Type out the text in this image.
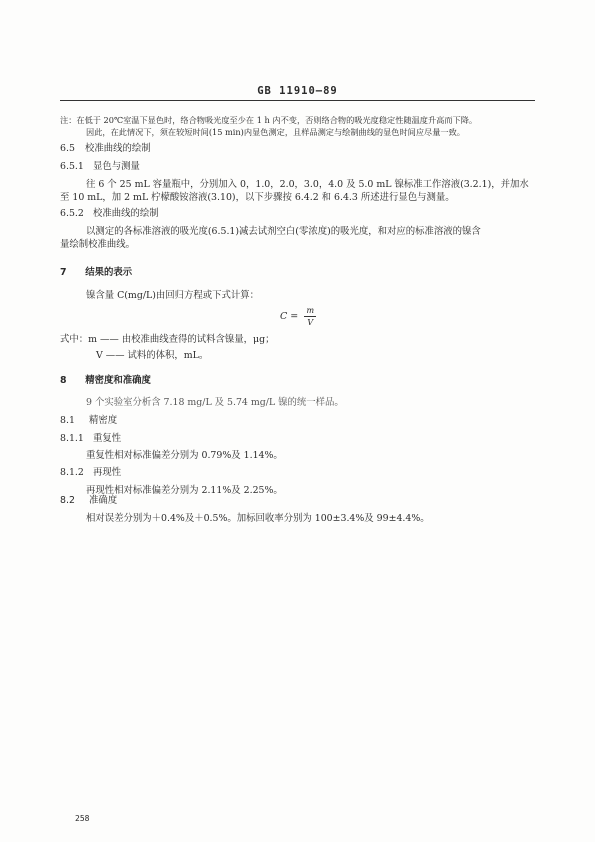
GB 11910—89
注：在低于 20℃室温下显色时，络合物吸光度至少在 1 h 内不变，否则络合物的吸光度稳定性随温度升高而下降。
因此，在此情况下，须在较短时间(15 min)内显色测定，且样品测定与绘制曲线的显色时间应尽量一致。
6.5 校准曲线的绘制
6.5.1 显色与测量
往 6 个 25 mL 容量瓶中，分别加入 0，1.0，2.0，3.0，4.0 及 5.0 mL 镍标准工作溶液(3.2.1)，并加水
至 10 mL，加 2 mL 柠檬酸铵溶液(3.10)，以下步骤按 6.4.2 和 6.4.3 所述进行显色与测量。
6.5.2 校准曲线的绘制
以测定的各标准溶液的吸光度(6.5.1)减去试剂空白(零浓度)的吸光度，和对应的标准溶液的镍含
量绘制校准曲线。
7 结果的表示
镍含量 C(mg/L)由回归方程或下式计算：
$C = \frac{m}{V}$
式中：m —— 由校准曲线查得的试料含镍量，μg；
V —— 试料的体积，mL。
8 精密度和准确度
9 个实验室分析含 7.18 mg/L 及 5.74 mg/L 镍的统一样品。
8.1 精密度
8.1.1 重复性
重复性相对标准偏差分别为 0.79%及 1.14%。
8.1.2 再现性
再现性相对标准偏差分别为 2.11%及 2.25%。
8.2 准确度
相对误差分别为＋0.4%及＋0.5%。加标回收率分别为 100±3.4%及 99±4.4%。
258
